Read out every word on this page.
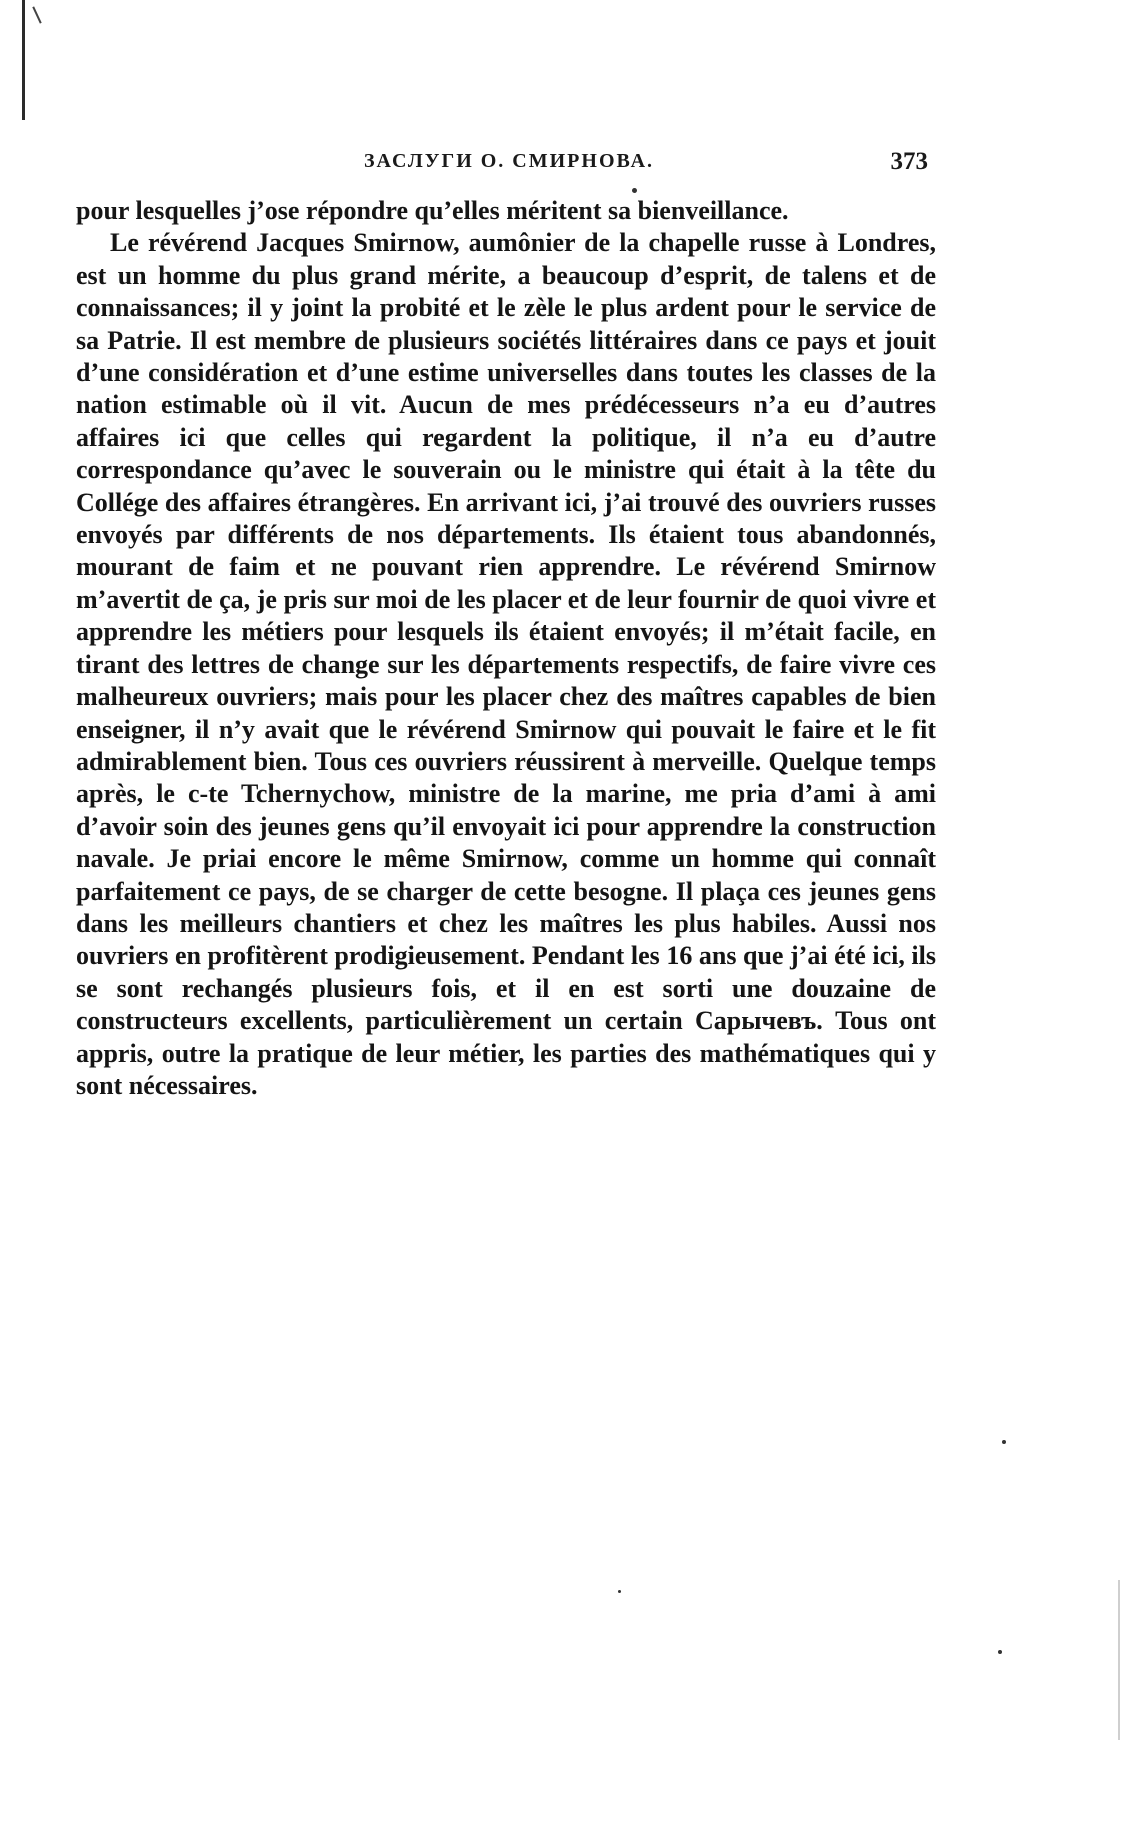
ЗАСЛУГИ О. СМИРНОВА.	373

pour lesquelles j’ose répondre qu’elles méritent sa bienveillance.

Le révérend Jacques Smirnow, aumônier de la chapelle russe à Londres, est un homme du plus grand mérite, a beaucoup d’esprit, de talens et de connaissances; il y joint la probité et le zèle le plus ardent pour le service de sa Patrie. Il est membre de plusieurs sociétés littéraires dans ce pays et jouit d’une considération et d’une estime universelles dans toutes les classes de la nation estimable où il vit. Aucun de mes prédécesseurs n’a eu d’autres affaires ici que celles qui regardent la politique, il n’a eu d’autre correspondance qu’avec le souverain ou le ministre qui était à la tête du Collége des affaires étrangères. En arrivant ici, j’ai trouvé des ouvriers russes envoyés par différents de nos départements. Ils étaient tous abandonnés, mourant de faim et ne pouvant rien apprendre. Le révérend Smirnow m’avertit de ça, je pris sur moi de les placer et de leur fournir de quoi vivre et apprendre les métiers pour lesquels ils étaient envoyés; il m’était facile, en tirant des lettres de change sur les départements respectifs, de faire vivre ces malheureux ouvriers; mais pour les placer chez des maîtres capables de bien enseigner, il n’y avait que le révérend Smirnow qui pouvait le faire et le fit admirablement bien. Tous ces ouvriers réussirent à merveille. Quelque temps après, le c-te Tchernychow, ministre de la marine, me pria d’ami à ami d’avoir soin des jeunes gens qu’il envoyait ici pour apprendre la construction navale. Je priai encore le même Smirnow, comme un homme qui connaît parfaitement ce pays, de se charger de cette besogne. Il plaça ces jeunes gens dans les meilleurs chantiers et chez les maîtres les plus habiles. Aussi nos ouvriers en profitèrent prodigieusement. Pendant les 16 ans que j’ai été ici, ils se sont rechangés plusieurs fois, et il en est sorti une douzaine de constructeurs excellents, particulièrement un certain Сарычевъ. Tous ont appris, outre la pratique de leur métier, les parties des mathématiques qui y sont nécessaires.
